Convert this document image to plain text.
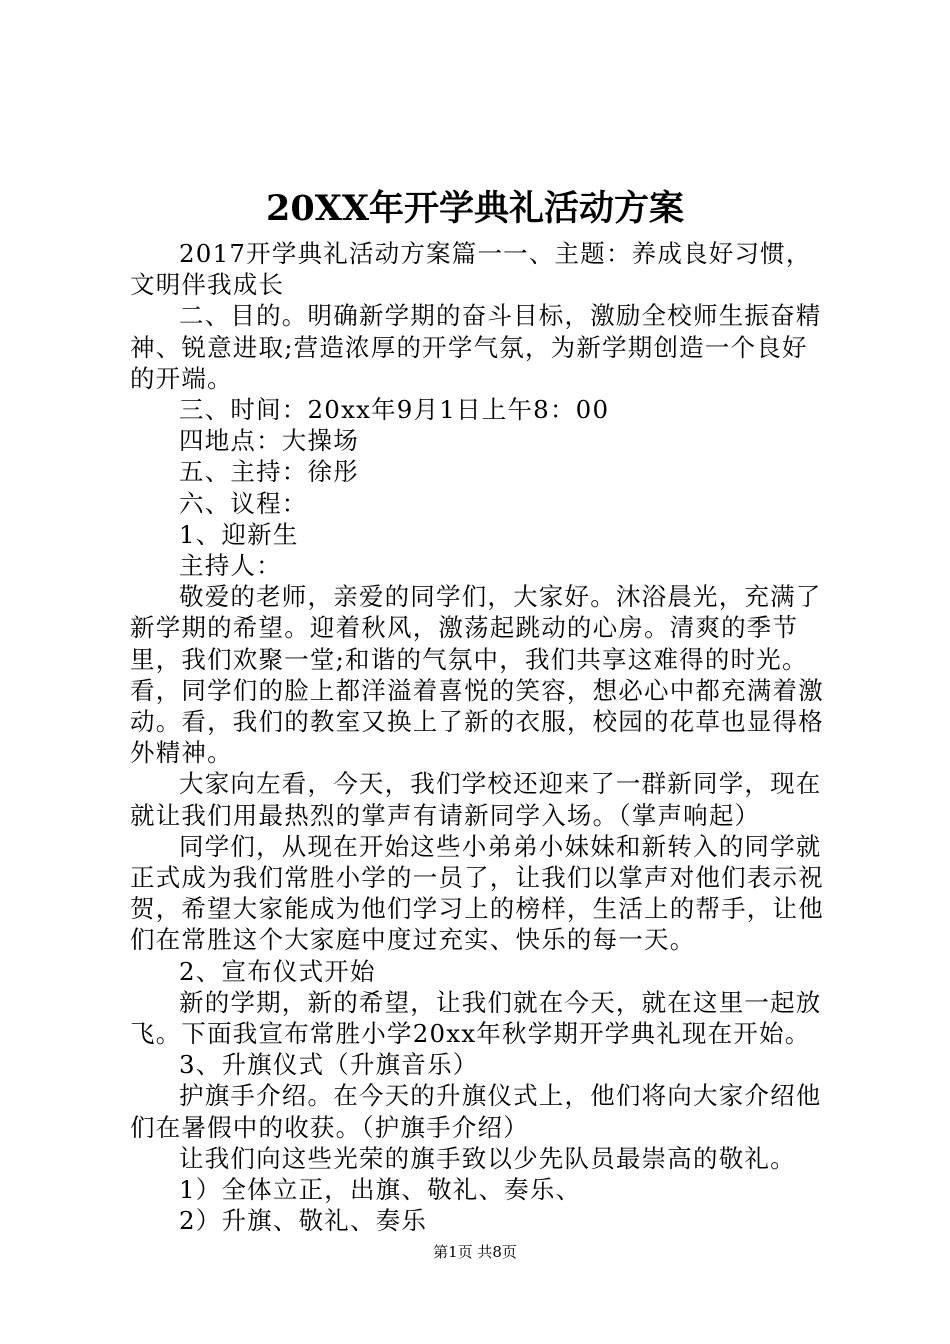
20XX年开学典礼活动方案

2017开学典礼活动方案篇一一、主题：养成良好习惯，文明伴我成长

二、目的。明确新学期的奋斗目标，激励全校师生振奋精神、锐意进取;营造浓厚的开学气氛，为新学期创造一个良好的开端。

三、时间：20xx年9月1日上午8：00

四地点：大操场

五、主持：徐彤

六、议程：

1、迎新生

主持人：

敬爱的老师，亲爱的同学们，大家好。沐浴晨光，充满了新学期的希望。迎着秋风，激荡起跳动的心房。清爽的季节里，我们欢聚一堂;和谐的气氛中，我们共享这难得的时光。看，同学们的脸上都洋溢着喜悦的笑容，想必心中都充满着激动。看，我们的教室又换上了新的衣服，校园的花草也显得格外精神。

大家向左看，今天，我们学校还迎来了一群新同学，现在就让我们用最热烈的掌声有请新同学入场。（掌声响起）

同学们，从现在开始这些小弟弟小妹妹和新转入的同学就正式成为我们常胜小学的一员了，让我们以掌声对他们表示祝贺，希望大家能成为他们学习上的榜样，生活上的帮手，让他们在常胜这个大家庭中度过充实、快乐的每一天。

2、宣布仪式开始

新的学期，新的希望，让我们就在今天，就在这里一起放飞。下面我宣布常胜小学20xx年秋学期开学典礼现在开始。

3、升旗仪式（升旗音乐）

护旗手介绍。在今天的升旗仪式上，他们将向大家介绍他们在暑假中的收获。（护旗手介绍）

让我们向这些光荣的旗手致以少先队员最崇高的敬礼。

1）全体立正，出旗、敬礼、奏乐、

2）升旗、敬礼、奏乐

第1页 共8页
